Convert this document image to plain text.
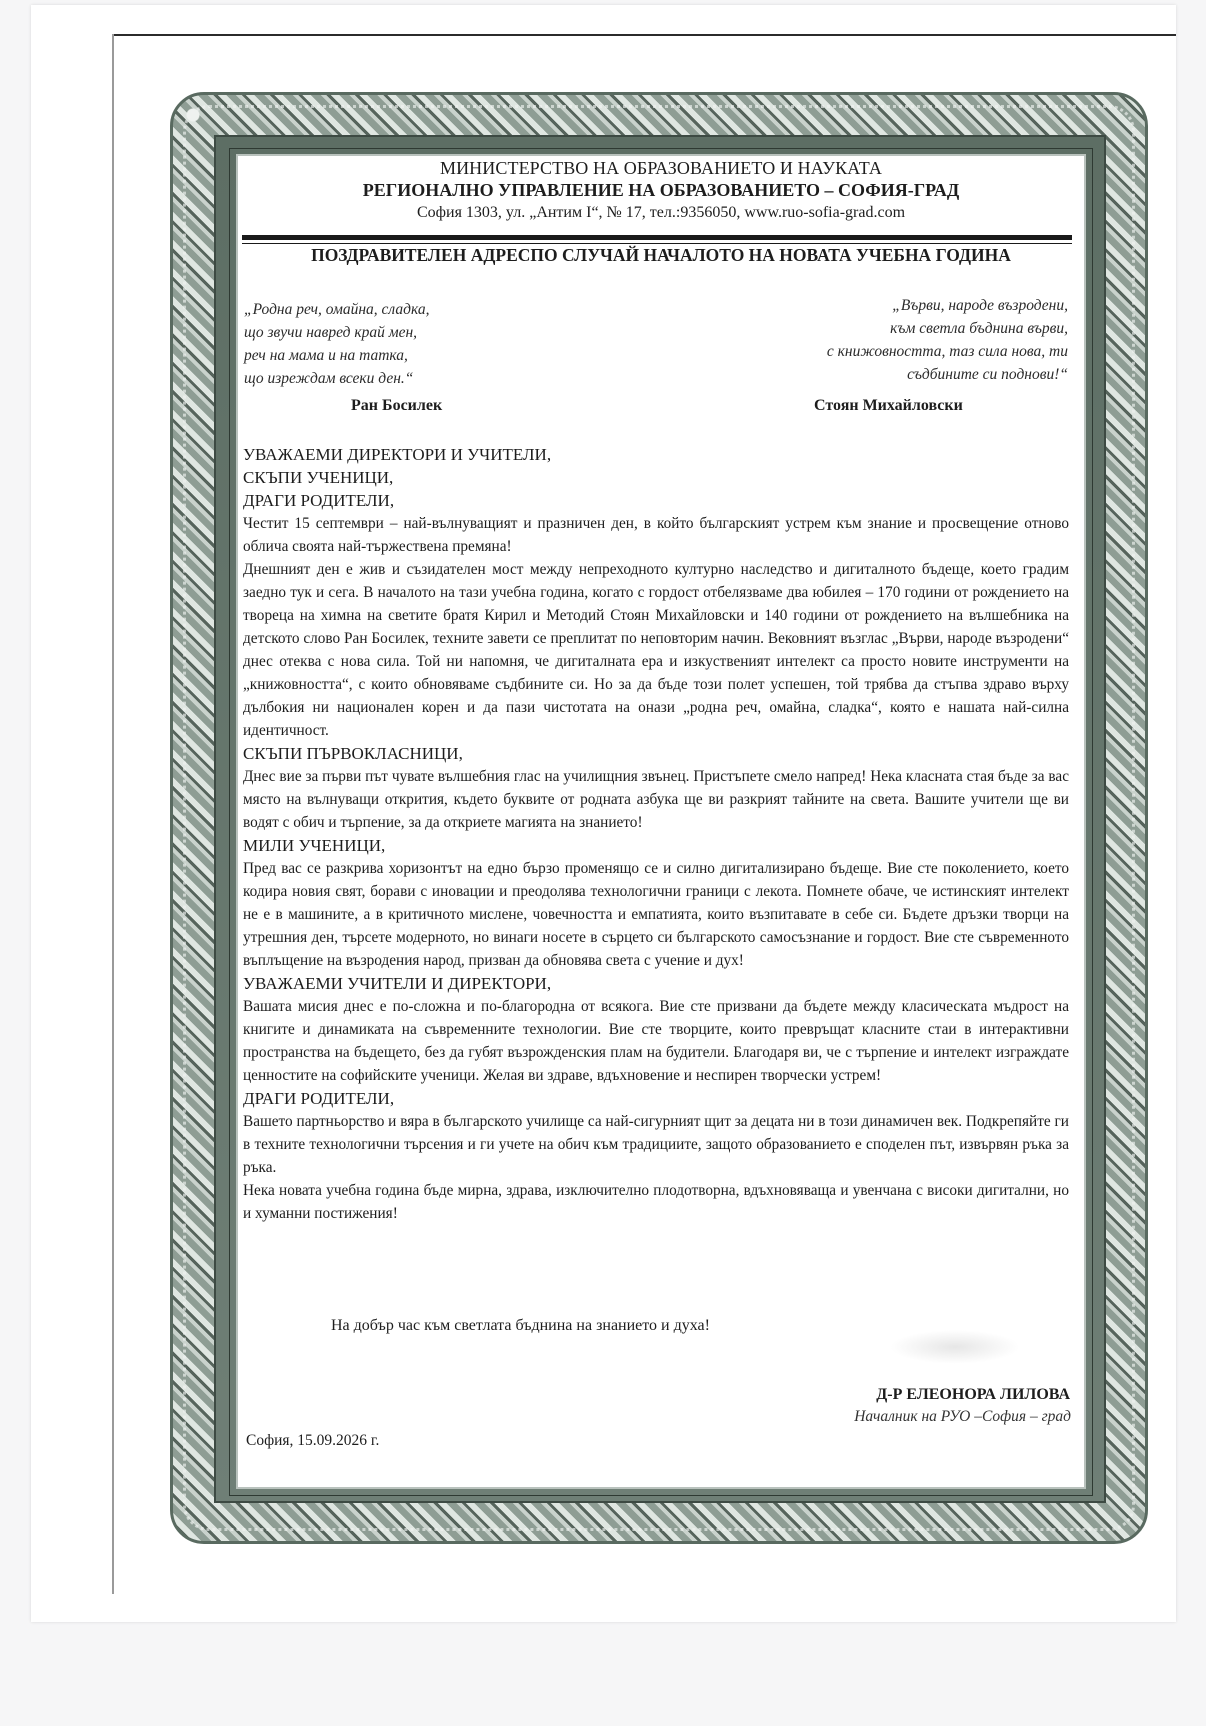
МИНИСТЕРСТВО НА ОБРАЗОВАНИЕТО И НАУКАТА
РЕГИОНАЛНО УПРАВЛЕНИЕ НА ОБРАЗОВАНИЕТО – СОФИЯ-ГРАД
София 1303, ул. „Антим I“, № 17, тел.:9356050, www.ruo-sofia-grad.com
ПОЗДРАВИТЕЛЕН АДРЕСПО СЛУЧАЙ НАЧАЛОТО НА НОВАТА УЧЕБНА ГОДИНА
„Родна реч, омайна, сладка,
що звучи навред край мен,
реч на мама и на татка,
що изреждам всеки ден.“
Ран Босилек
„Върви, народе възродени,
към светла бъднина върви,
с книжовността, таз сила нова, ти
съдбините си поднови!“
Стоян Михайловски

УВАЖАЕМИ ДИРЕКТОРИ И УЧИТЕЛИ,

СКЪПИ УЧЕНИЦИ,

ДРАГИ РОДИТЕЛИ,

Честит 15 септември – най-вълнуващият и празничен ден, в който българският устрем към знание и просвещение отново облича своята най-тържествена премяна!

Днешният ден е жив и съзидателен мост между непреходното културно наследство и дигиталното бъдеще, което градим заедно тук и сега. В началото на тази учебна година, когато с гордост отбелязваме два юбилея – 170 години от рождението на твореца на химна на светите братя Кирил и Методий Стоян Михайловски и 140 години от рождението на вълшебника на детското слово Ран Босилек, техните завети се преплитат по неповторим начин. Вековният възглас „Върви, народе възродени“ днес отеква с нова сила. Той ни напомня, че дигиталната ера и изкуственият интелект са просто новите инструменти на „книжовността“, с които обновяваме съдбините си. Но за да бъде този полет успешен, той трябва да стъпва здраво върху дълбокия ни национален корен и да пази чистотата на онази „родна реч, омайна, сладка“, която е нашата най-силна идентичност.

СКЪПИ ПЪРВОКЛАСНИЦИ,

Днес вие за първи път чувате вълшебния глас на училищния звънец. Пристъпете смело напред! Нека класната стая бъде за вас място на вълнуващи открития, където буквите от родната азбука ще ви разкрият тайните на света. Вашите учители ще ви водят с обич и търпение, за да откриете магията на знанието!

МИЛИ УЧЕНИЦИ,

Пред вас се разкрива хоризонтът на едно бързо променящо се и силно дигитализирано бъдеще. Вие сте поколението, което кодира новия свят, борави с иновации и преодолява технологични граници с лекота. Помнете обаче, че истинският интелект не е в машините, а в критичното мислене, човечността и емпатията, които възпитавате в себе си. Бъдете дръзки творци на утрешния ден, търсете модерното, но винаги носете в сърцето си българското самосъзнание и гордост. Вие сте съвременното въплъщение на възродения народ, призван да обновява света с учение и дух!

УВАЖАЕМИ УЧИТЕЛИ И ДИРЕКТОРИ,

Вашата мисия днес е по-сложна и по-благородна от всякога. Вие сте призвани да бъдете между класическата мъдрост на книгите и динамиката на съвременните технологии. Вие сте творците, които превръщат класните стаи в интерактивни пространства на бъдещето, без да губят възрожденския плам на будители. Благодаря ви, че с търпение и интелект изграждате ценностите на софийските ученици. Желая ви здраве, вдъхновение и неспирен творчески устрем!

ДРАГИ РОДИТЕЛИ,

Вашето партньорство и вяра в българското училище са най-сигурният щит за децата ни в този динамичен век. Подкрепяйте ги в техните технологични търсения и ги учете на обич към традициите, защото образованието е споделен път, извървян ръка за ръка.

Нека новата учебна година бъде мирна, здрава, изключително плодотворна, вдъхновяваща и увенчана с високи дигитални, но и хуманни постижения!

На добър час към светлата бъднина на знанието и духа!
Д-Р ЕЛЕОНОРА ЛИЛОВА
Началник на РУО –София – град
София, 15.09.2026 г.
